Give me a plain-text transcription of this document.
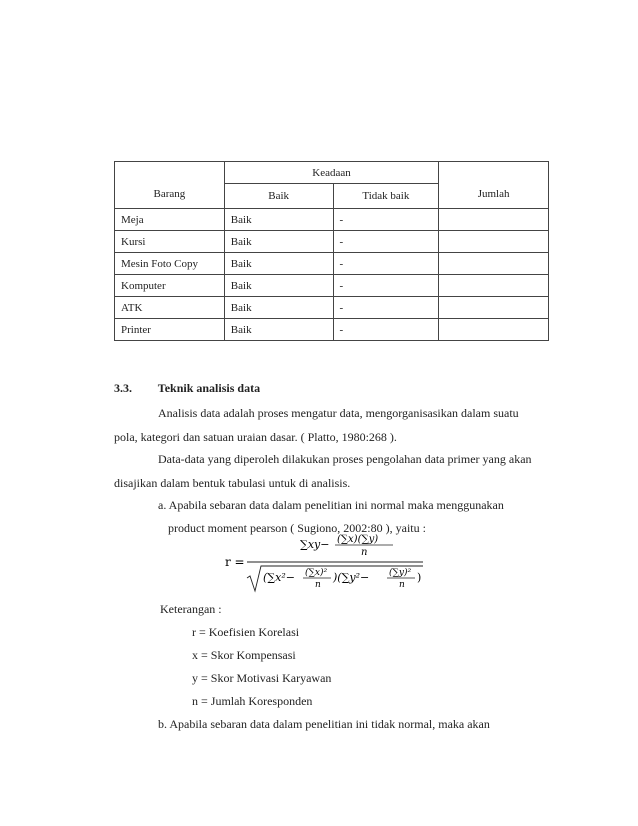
Barang	Keadaan		Jumlah
	Baik	Tidak baik	
Meja	Baik	-	
Kursi	Baik	-	
Mesin Foto Copy	Baik	-	
Komputer	Baik	-	
ATK	Baik	-	
Printer	Baik	-	
3.3. Teknik analisis data
Analisis data adalah proses mengatur data, mengorganisasikan dalam suatu
pola, kategori dan satuan uraian dasar. ( Platto, 1980:268 ).
Data-data yang diperoleh dilakukan proses pengolahan data primer yang akan
disajikan dalam bentuk tabulasi untuk di analisis.
a. Apabila sebaran data dalam penelitian ini normal maka menggunakan
product moment pearson ( Sugiono, 2002:80 ), yaitu :
r =
∑xy− (∑x)(∑y)
n
(∑x²− (∑x)²
n
)(∑y²− (∑y)²
n
)
Keterangan :
r = Koefisien Korelasi
x = Skor Kompensasi
y = Skor Motivasi Karyawan
n = Jumlah Koresponden
b. Apabila sebaran data dalam penelitian ini tidak normal, maka akan
